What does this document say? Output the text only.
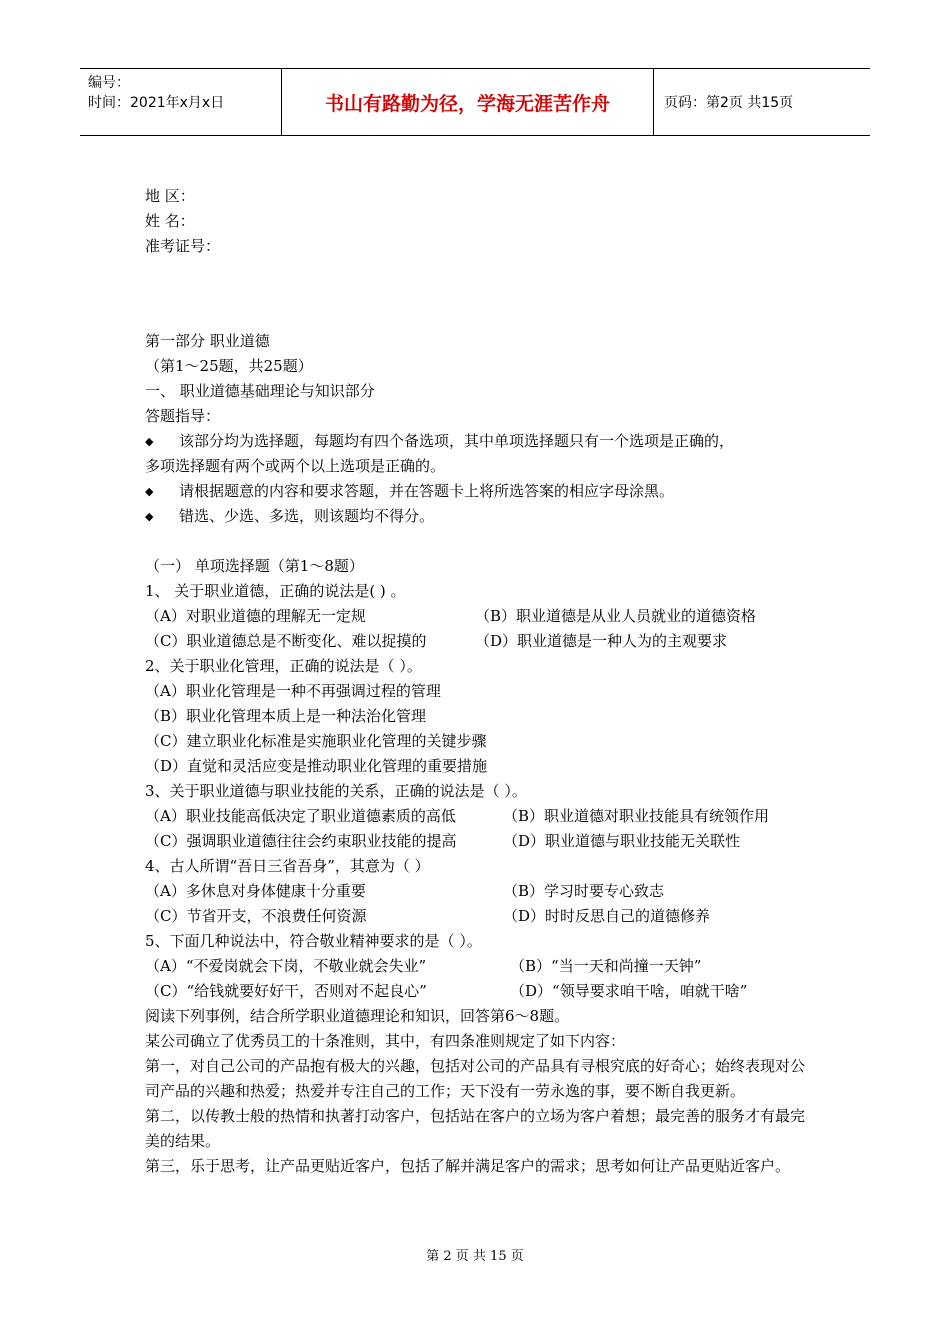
编号：
时间：2021年x月x日	书山有路勤为径，学海无涯苦作舟	页码：第2页 共15页

地 区：

姓 名：

准考证号：

第一部分 职业道德

（第1～25题，共25题）

一、 职业道德基础理论与知识部分

答题指导：

◆	该部分均为选择题，每题均有四个备选项，其中单项选择题只有一个选项是正确的，

多项选择题有两个或两个以上选项是正确的。

◆	请根据题意的内容和要求答题，并在答题卡上将所选答案的相应字母涂黑。
◆	错选、少选、多选，则该题均不得分。

（一） 单项选择题（第1～8题）

1、 关于职业道德，正确的说法是( ) 。

（A）对职业道德的理解无一定规	（B）职业道德是从业人员就业的道德资格
（C）职业道德总是不断变化、难以捉摸的	（D）职业道德是一种人为的主观要求

2、关于职业化管理，正确的说法是（ ）。

（A）职业化管理是一种不再强调过程的管理

（B）职业化管理本质上是一种法治化管理

（C）建立职业化标准是实施职业化管理的关键步骤

（D）直觉和灵活应变是推动职业化管理的重要措施

3、关于职业道德与职业技能的关系，正确的说法是（ ）。

（A）职业技能高低决定了职业道德素质的高低	（B）职业道德对职业技能具有统领作用
（C）强调职业道德往往会约束职业技能的提高	（D）职业道德与职业技能无关联性

4、古人所谓“吾日三省吾身”，其意为（ ）

（A）多休息对身体健康十分重要	（B）学习时要专心致志
（C）节省开支，不浪费任何资源	（D）时时反思自己的道德修养

5、下面几种说法中，符合敬业精神要求的是（ ）。

（A）“不爱岗就会下岗，不敬业就会失业”	（B）“当一天和尚撞一天钟”
（C）“给钱就要好好干，否则对不起良心”	（D）“领导要求咱干啥，咱就干啥”

阅读下列事例，结合所学职业道德理论和知识，回答第6～8题。

某公司确立了优秀员工的十条准则，其中，有四条准则规定了如下内容：

第一，对自己公司的产品抱有极大的兴趣，包括对公司的产品具有寻根究底的好奇心；始终表现对公司产品的兴趣和热爱；热爱并专注自己的工作；天下没有一劳永逸的事，要不断自我更新。

第二，以传教士般的热情和执著打动客户，包括站在客户的立场为客户着想；最完善的服务才有最完美的结果。

第三，乐于思考，让产品更贴近客户，包括了解并满足客户的需求；思考如何让产品更贴近客户。

第 2 页 共 15 页
